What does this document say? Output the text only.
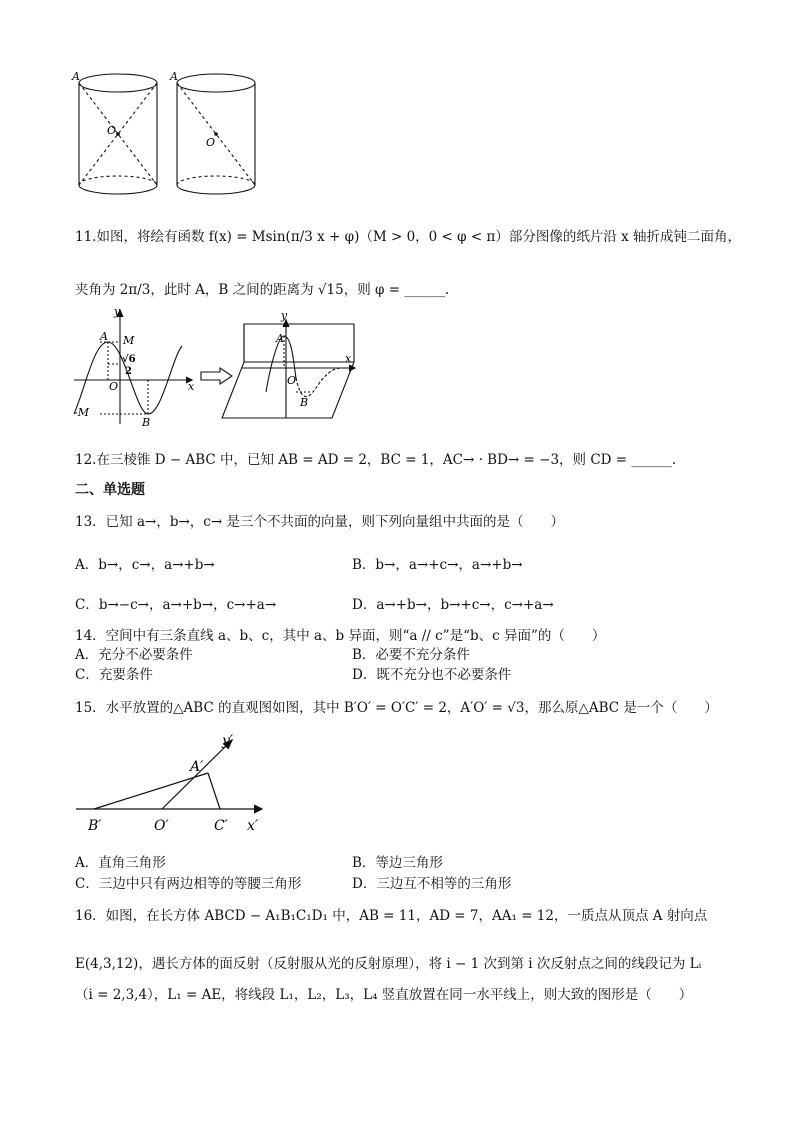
A
O
A
O
11.如图，将绘有函数 f(x) = Msin(π/3 x + φ)（M > 0，0 < φ < π）部分图像的纸片沿 x 轴折成钝二面角，
夹角为 2π/3，此时 A，B 之间的距离为 √15，则 φ = ______.
y
x
A M
√6
2
O
-M
B
y
x
A
O
B
12.在三棱锥 D − ABC 中，已知 AB = AD = 2，BC = 1，AC→ · BD→ = −3，则 CD = ______.
二、单选题
13．已知 a→，b→，c→ 是三个不共面的向量，则下列向量组中共面的是（　　）
A．b→，c→，a→+b→	B．b→，a→+c→，a→+b→
C．b→−c→，a→+b→，c→+a→	D．a→+b→，b→+c→，c→+a→
14．空间中有三条直线 a、b、c，其中 a、b 异面，则“a // c”是“b、c 异面”的（　　）
A．充分不必要条件	B．必要不充分条件
C．充要条件	D．既不充分也不必要条件
15．水平放置的△ABC 的直观图如图，其中 B′O′ = O′C′ = 2，A′O′ = √3，那么原△ABC 是一个（　　）
y′
x′
A′
B′	O′	C′
A．直角三角形	B．等边三角形
C．三边中只有两边相等的等腰三角形	D．三边互不相等的三角形
16．如图，在长方体 ABCD − A₁B₁C₁D₁ 中，AB = 11，AD = 7，AA₁ = 12，一质点从顶点 A 射向点
E(4,3,12)，遇长方体的面反射（反射服从光的反射原理），将 i − 1 次到第 i 次反射点之间的线段记为 Lᵢ
（i = 2,3,4），L₁ = AE，将线段 L₁，L₂，L₃，L₄ 竖直放置在同一水平线上，则大致的图形是（　　）
